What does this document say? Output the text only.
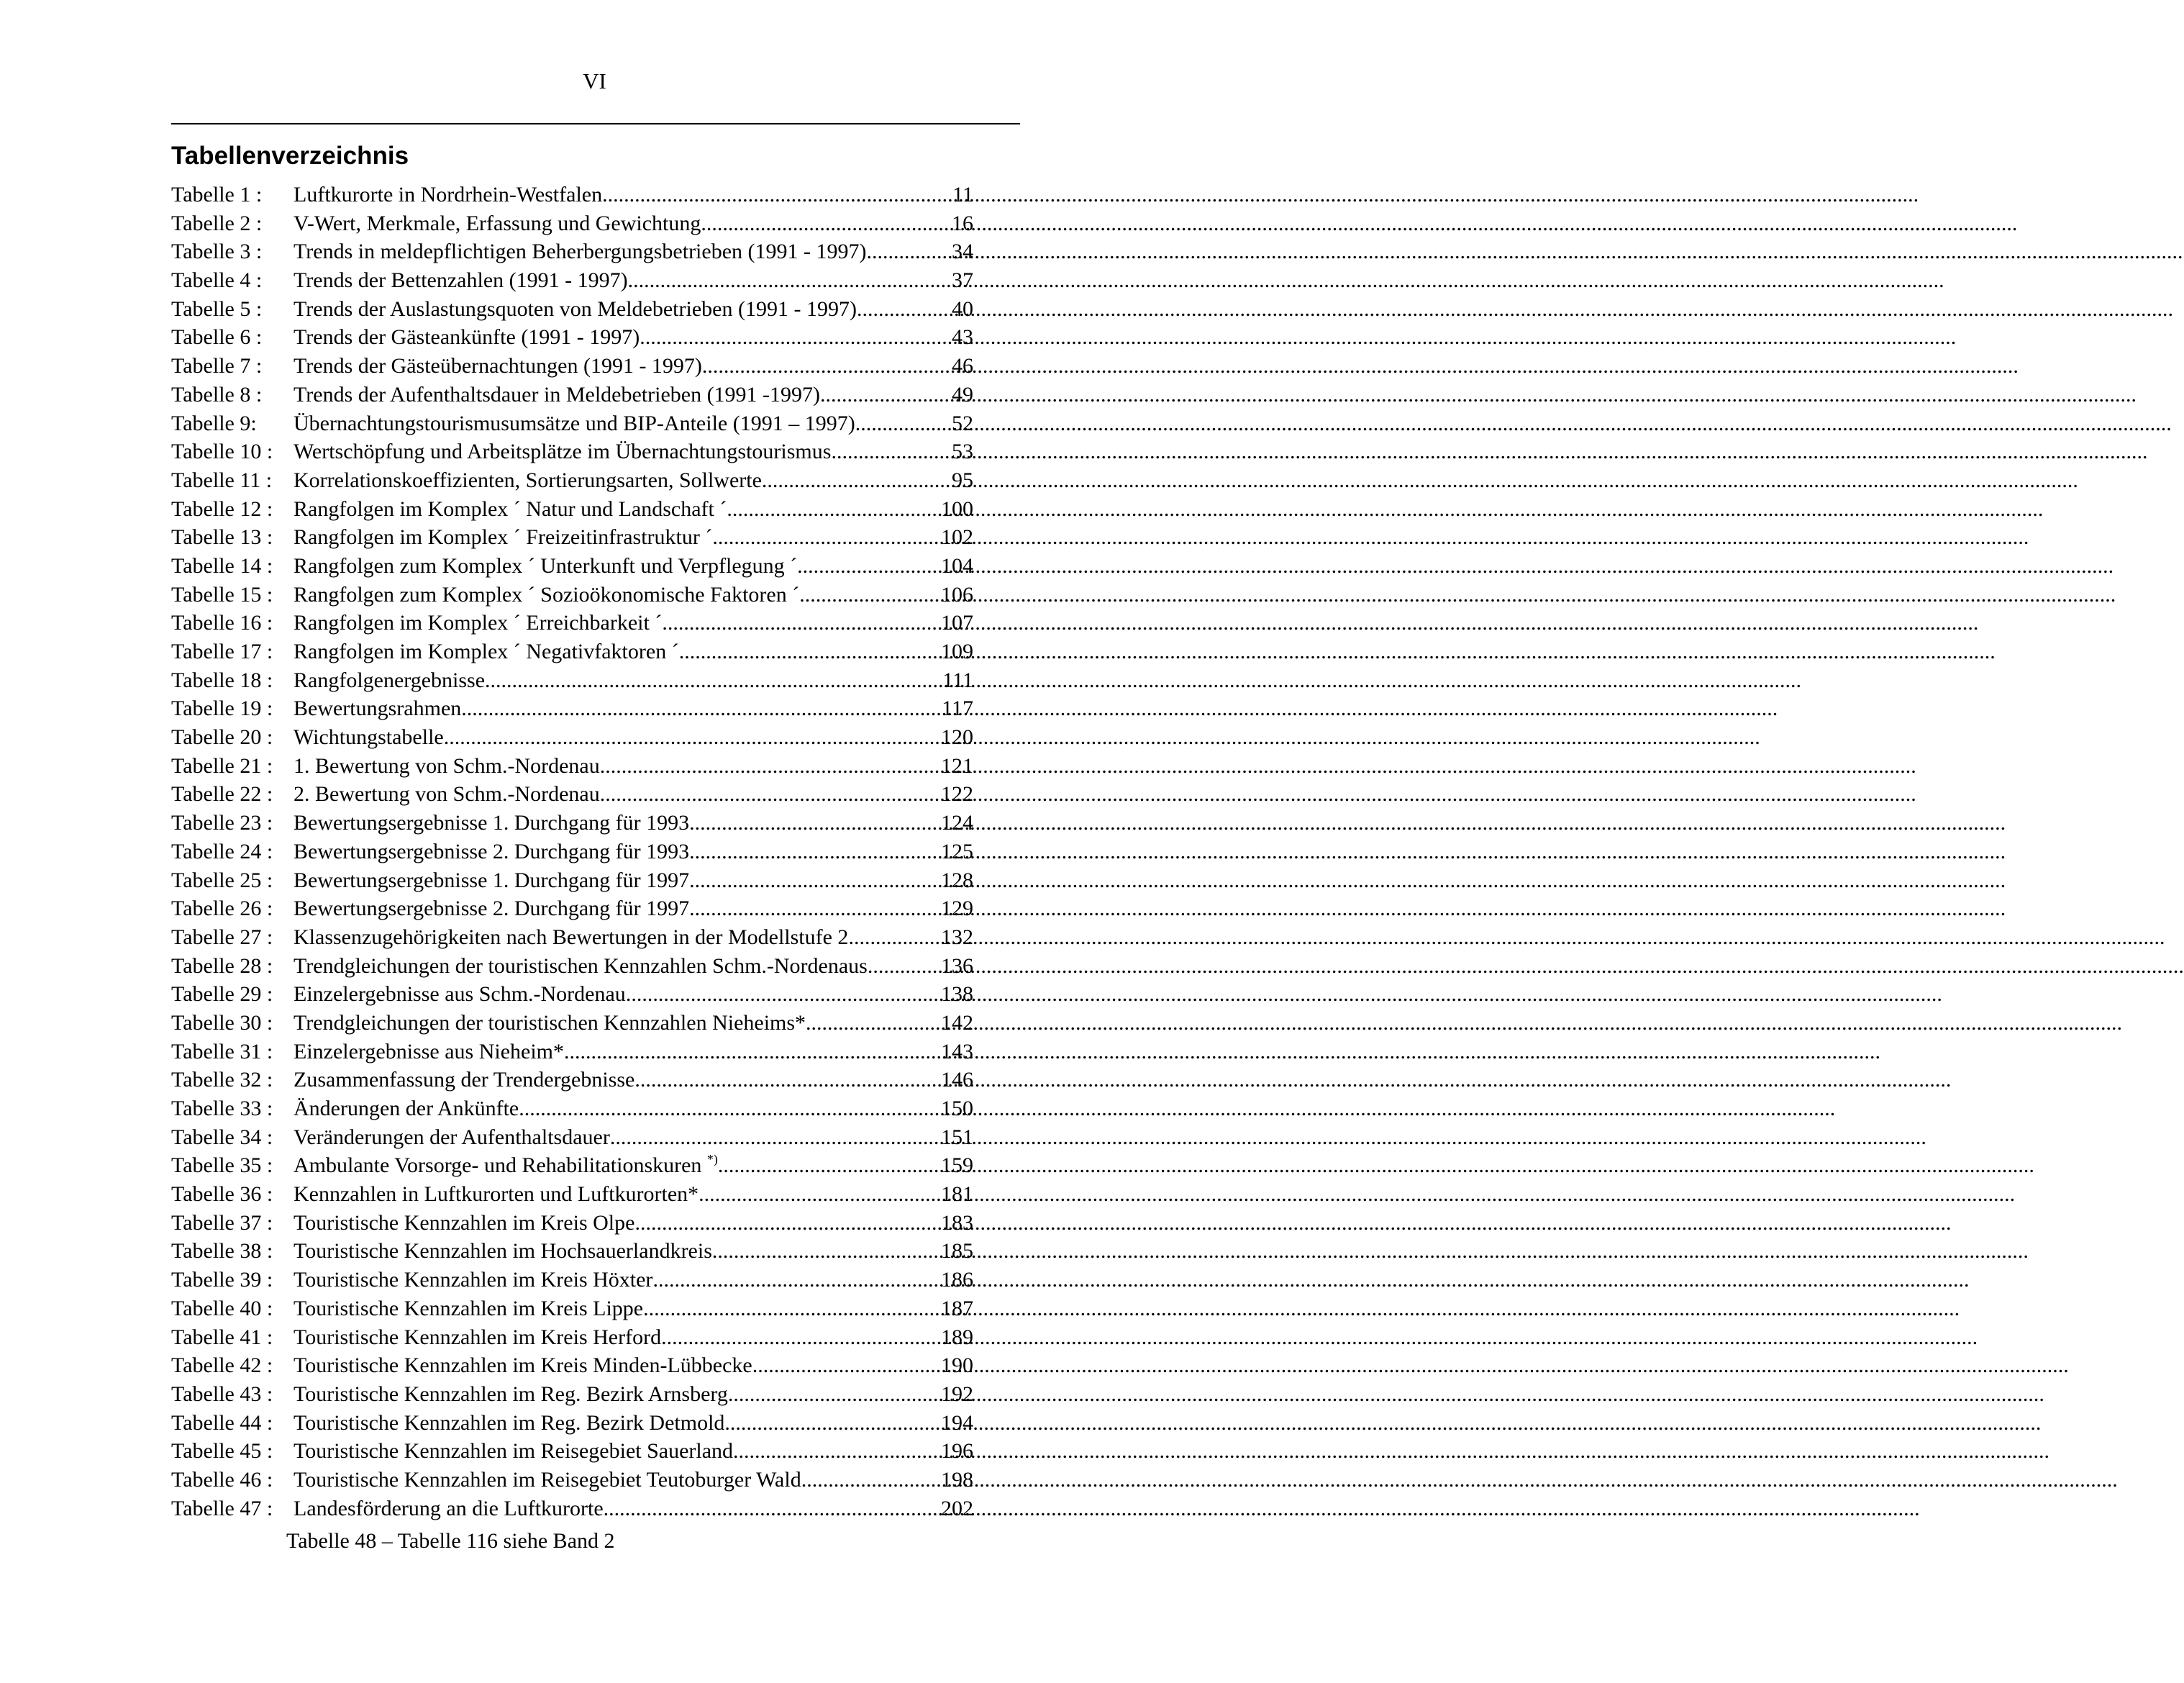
VI
Tabellenverzeichnis
Tabelle 1 :	Luftkurorte in Nordrhein-Westfalen .....	11
Tabelle 2 :	V-Wert, Merkmale, Erfassung und Gewichtung .....	16
Tabelle 3 :	Trends in meldepflichtigen Beherbergungsbetrieben (1991 - 1997) .....	34
Tabelle 4 :	Trends der Bettenzahlen (1991 - 1997) .....	37
Tabelle 5 :	Trends der Auslastungsquoten von Meldebetrieben (1991 - 1997) .....	40
Tabelle 6 :	Trends der Gästeankünfte (1991 - 1997) .....	43
Tabelle 7 :	Trends der Gästeübernachtungen (1991 - 1997) .....	46
Tabelle 8 :	Trends der Aufenthaltsdauer in Meldebetrieben (1991 -1997) .....	49
Tabelle 9:	Übernachtungstourismusumsätze und BIP-Anteile (1991 – 1997) .....	52
Tabelle 10 : Wertschöpfung und Arbeitsplätze im Übernachtungstourismus .....	53
Tabelle 11 : Korrelationskoeffizienten, Sortierungsarten, Sollwerte .....	95
Tabelle 12 : Rangfolgen im Komplex ´ Natur und Landschaft ´ .....	100
Tabelle 13 : Rangfolgen im Komplex ´ Freizeitinfrastruktur ´ .....	102
Tabelle 14 : Rangfolgen zum Komplex ´ Unterkunft und Verpflegung ´ .....	104
Tabelle 15 : Rangfolgen zum Komplex ´ Sozioökonomische Faktoren ´ .....	106
Tabelle 16 : Rangfolgen im Komplex ´ Erreichbarkeit ´ .....	107
Tabelle 17 : Rangfolgen im Komplex ´ Negativfaktoren ´ .....	109
Tabelle 18 : Rangfolgenergebnisse .....	111
Tabelle 19 : Bewertungsrahmen .....	117
Tabelle 20 : Wichtungstabelle .....	120
Tabelle 21 : 1. Bewertung von Schm.-Nordenau .....	121
Tabelle 22 : 2. Bewertung von Schm.-Nordenau .....	122
Tabelle 23 : Bewertungsergebnisse 1. Durchgang für 1993 .....	124
Tabelle 24 : Bewertungsergebnisse 2. Durchgang für 1993 .....	125
Tabelle 25 : Bewertungsergebnisse 1. Durchgang für 1997 .....	128
Tabelle 26 : Bewertungsergebnisse 2. Durchgang für 1997 .....	129
Tabelle 27 : Klassenzugehörigkeiten nach Bewertungen in der Modellstufe 2 .....	132
Tabelle 28 : Trendgleichungen der touristischen Kennzahlen Schm.-Nordenaus .....	136
Tabelle 29 : Einzelergebnisse aus Schm.-Nordenau .....	138
Tabelle 30 : Trendgleichungen der touristischen Kennzahlen Nieheims* .....	142
Tabelle 31 : Einzelergebnisse aus Nieheim* .....	143
Tabelle 32 : Zusammenfassung der Trendergebnisse .....	146
Tabelle 33 : Änderungen der Ankünfte .....	150
Tabelle 34 : Veränderungen der Aufenthaltsdauer .....	151
Tabelle 35 : Ambulante Vorsorge- und Rehabilitationskuren *) .....	159
Tabelle 36 : Kennzahlen in Luftkurorten und Luftkurorten* .....	181
Tabelle 37 : Touristische Kennzahlen im Kreis Olpe .....	183
Tabelle 38 : Touristische Kennzahlen im Hochsauerlandkreis .....	185
Tabelle 39 : Touristische Kennzahlen im Kreis Höxter .....	186
Tabelle 40 : Touristische Kennzahlen im Kreis Lippe .....	187
Tabelle 41 : Touristische Kennzahlen im Kreis Herford .....	189
Tabelle 42 : Touristische Kennzahlen im Kreis Minden-Lübbecke .....	190
Tabelle 43 : Touristische Kennzahlen im Reg. Bezirk Arnsberg .....	192
Tabelle 44 : Touristische Kennzahlen im Reg. Bezirk Detmold .....	194
Tabelle 45 : Touristische Kennzahlen im Reisegebiet Sauerland .....	196
Tabelle 46 : Touristische Kennzahlen im Reisegebiet Teutoburger Wald .....	198
Tabelle 47 : Landesförderung an die Luftkurorte .....	202
Tabelle 48 – Tabelle 116 siehe Band 2
